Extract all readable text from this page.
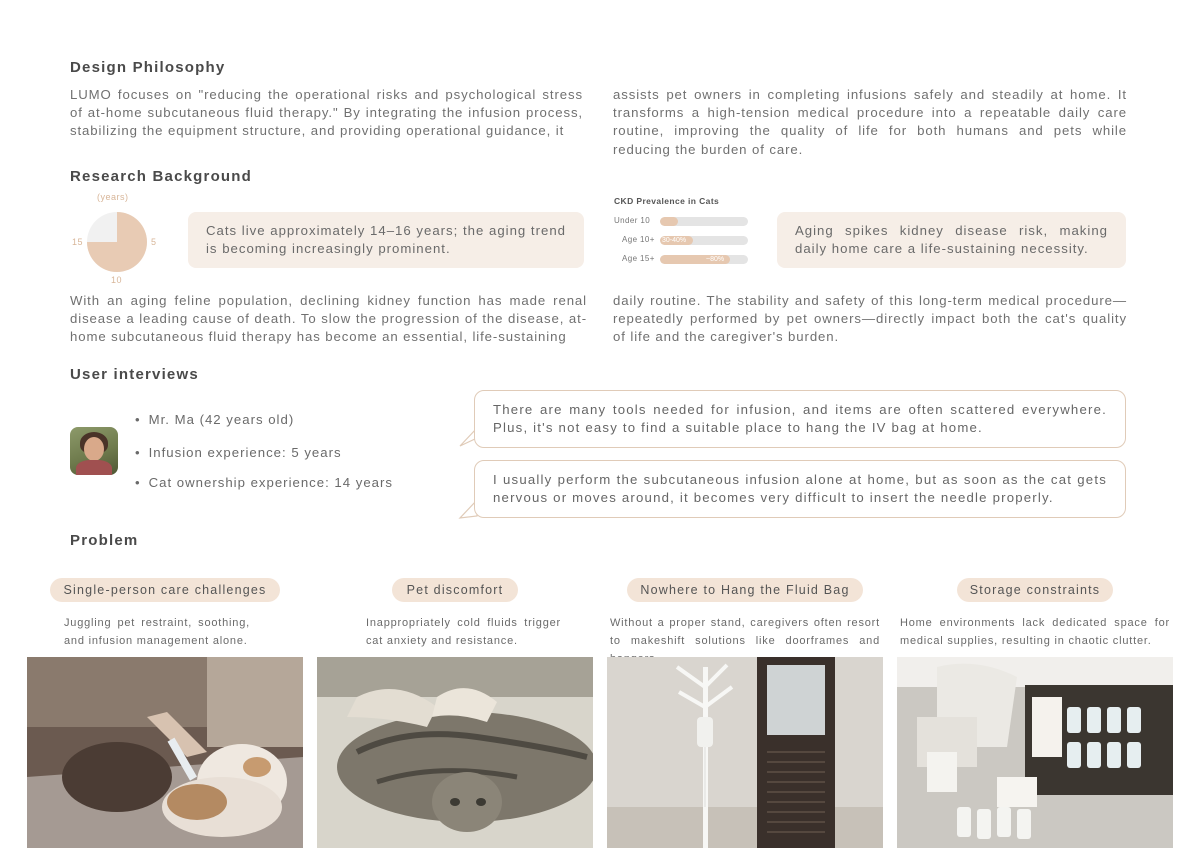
Design Philosophy
LUMO focuses on "reducing the operational risks and psychological stress of at-home subcutaneous fluid therapy." By integrating the infusion process, stabilizing the equipment structure, and providing operational guidance, it
assists pet owners in completing infusions safely and steadily at home. It transforms a high-tension medical procedure into a repeatable daily care routine, improving the quality of life for both humans and pets while reducing the burden of care.
Research Background
(years)
15	5
10
Cats live approximately 14–16 years; the aging trend is becoming increasingly prominent.
CKD Prevalence in Cats
Under 10
Age 10+ 30-40%
Age 15+	~80%
Aging spikes kidney disease risk, making daily home care a life-sustaining necessity.
With an aging feline population, declining kidney function has made renal disease a leading cause of death. To slow the progression of the disease, at-home subcutaneous fluid therapy has become an essential, life-sustaining
daily routine. The stability and safety of this long-term medical procedure—repeatedly performed by pet owners—directly impact both the cat's quality of life and the caregiver's burden.
User interviews
• Mr. Ma (42 years old)
• Infusion experience: 5 years
• Cat ownership experience: 14 years
There are many tools needed for infusion, and items are often scattered everywhere. Plus, it's not easy to find a suitable place to hang the IV bag at home.
I usually perform the subcutaneous infusion alone at home, but as soon as the cat gets nervous or moves around, it becomes very difficult to insert the needle properly.
Problem
Single-person care challenges
Juggling pet restraint, soothing, and infusion management alone.
Pet discomfort
Inappropriately cold fluids trigger cat anxiety and resistance.
Nowhere to Hang the Fluid Bag
Without a proper stand, caregivers often resort to makeshift solutions like doorframes and
Storage constraints
Home environments lack dedicated space for medical supplies, resulting in chaotic clutter.
